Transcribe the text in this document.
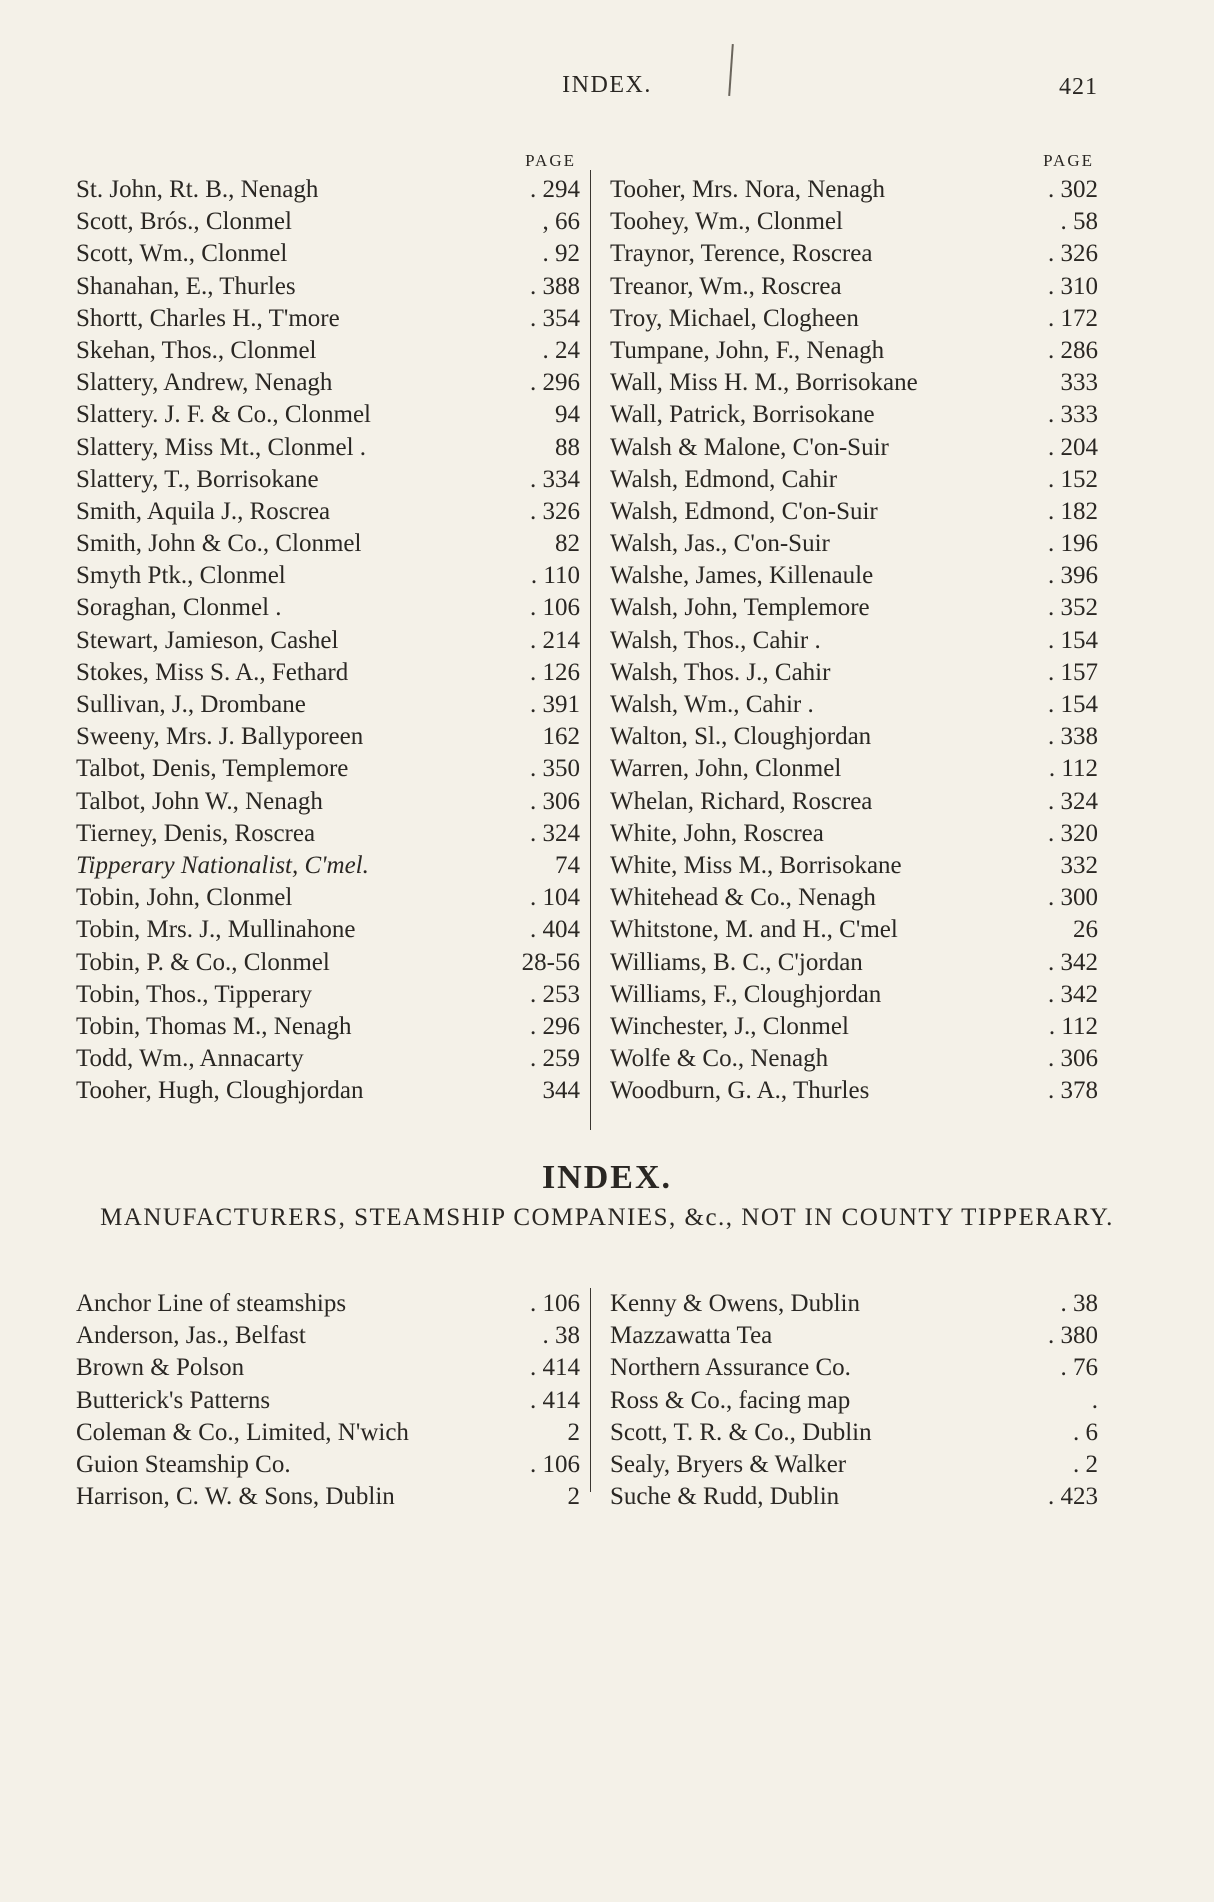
INDEX.	421
PAGE
St. John, Rt. B., Nenagh	. 294
Scott, Brós., Clonmel	, 66
Scott, Wm., Clonmel	. 92
Shanahan, E., Thurles	. 388
Shortt, Charles H., T'more	. 354
Skehan, Thos., Clonmel	. 24
Slattery, Andrew, Nenagh	. 296
Slattery. J. F. & Co., Clonmel	94
Slattery, Miss Mt., Clonmel .	88
Slattery, T., Borrisokane	. 334
Smith, Aquila J., Roscrea	. 326
Smith, John & Co., Clonmel	82
Smyth Ptk., Clonmel	. 110
Soraghan, Clonmel .	. 106
Stewart, Jamieson, Cashel	. 214
Stokes, Miss S. A., Fethard	. 126
Sullivan, J., Drombane	. 391
Sweeny, Mrs. J. Ballyporeen	162
Talbot, Denis, Templemore	. 350
Talbot, John W., Nenagh	. 306
Tierney, Denis, Roscrea	. 324
Tipperary Nationalist, C'mel.	74
Tobin, John, Clonmel	. 104
Tobin, Mrs. J., Mullinahone	. 404
Tobin, P. & Co., Clonmel	28-56
Tobin, Thos., Tipperary	. 253
Tobin, Thomas M., Nenagh	. 296
Todd, Wm., Annacarty	. 259
Tooher, Hugh, Cloughjordan	344
PAGE
Tooher, Mrs. Nora, Nenagh	. 302
Toohey, Wm., Clonmel	. 58
Traynor, Terence, Roscrea	. 326
Treanor, Wm., Roscrea	. 310
Troy, Michael, Clogheen	. 172
Tumpane, John, F., Nenagh	. 286
Wall, Miss H. M., Borrisokane	333
Wall, Patrick, Borrisokane	. 333
Walsh & Malone, C'on-Suir	. 204
Walsh, Edmond, Cahir	. 152
Walsh, Edmond, C'on-Suir	. 182
Walsh, Jas., C'on-Suir	. 196
Walshe, James, Killenaule	. 396
Walsh, John, Templemore	. 352
Walsh, Thos., Cahir .	. 154
Walsh, Thos. J., Cahir	. 157
Walsh, Wm., Cahir .	. 154
Walton, Sl., Cloughjordan	. 338
Warren, John, Clonmel	. 112
Whelan, Richard, Roscrea	. 324
White, John, Roscrea	. 320
White, Miss M., Borrisokane	332
Whitehead & Co., Nenagh	. 300
Whitstone, M. and H., C'mel	26
Williams, B. C., C'jordan	. 342
Williams, F., Cloughjordan	. 342
Winchester, J., Clonmel	. 112
Wolfe & Co., Nenagh	. 306
Woodburn, G. A., Thurles	. 378
INDEX.
MANUFACTURERS, STEAMSHIP COMPANIES, &c., NOT IN COUNTY TIPPERARY.
Anchor Line of steamships	. 106
Anderson, Jas., Belfast	. 38
Brown & Polson	. 414
Butterick's Patterns	. 414
Coleman & Co., Limited, N'wich	2
Guion Steamship Co.	. 106
Harrison, C. W. & Sons, Dublin	2
Kenny & Owens, Dublin	. 38
Mazzawatta Tea	. 380
Northern Assurance Co.	. 76
Ross & Co., facing map	.
Scott, T. R. & Co., Dublin	. 6
Sealy, Bryers & Walker	. 2
Suche & Rudd, Dublin	. 423
